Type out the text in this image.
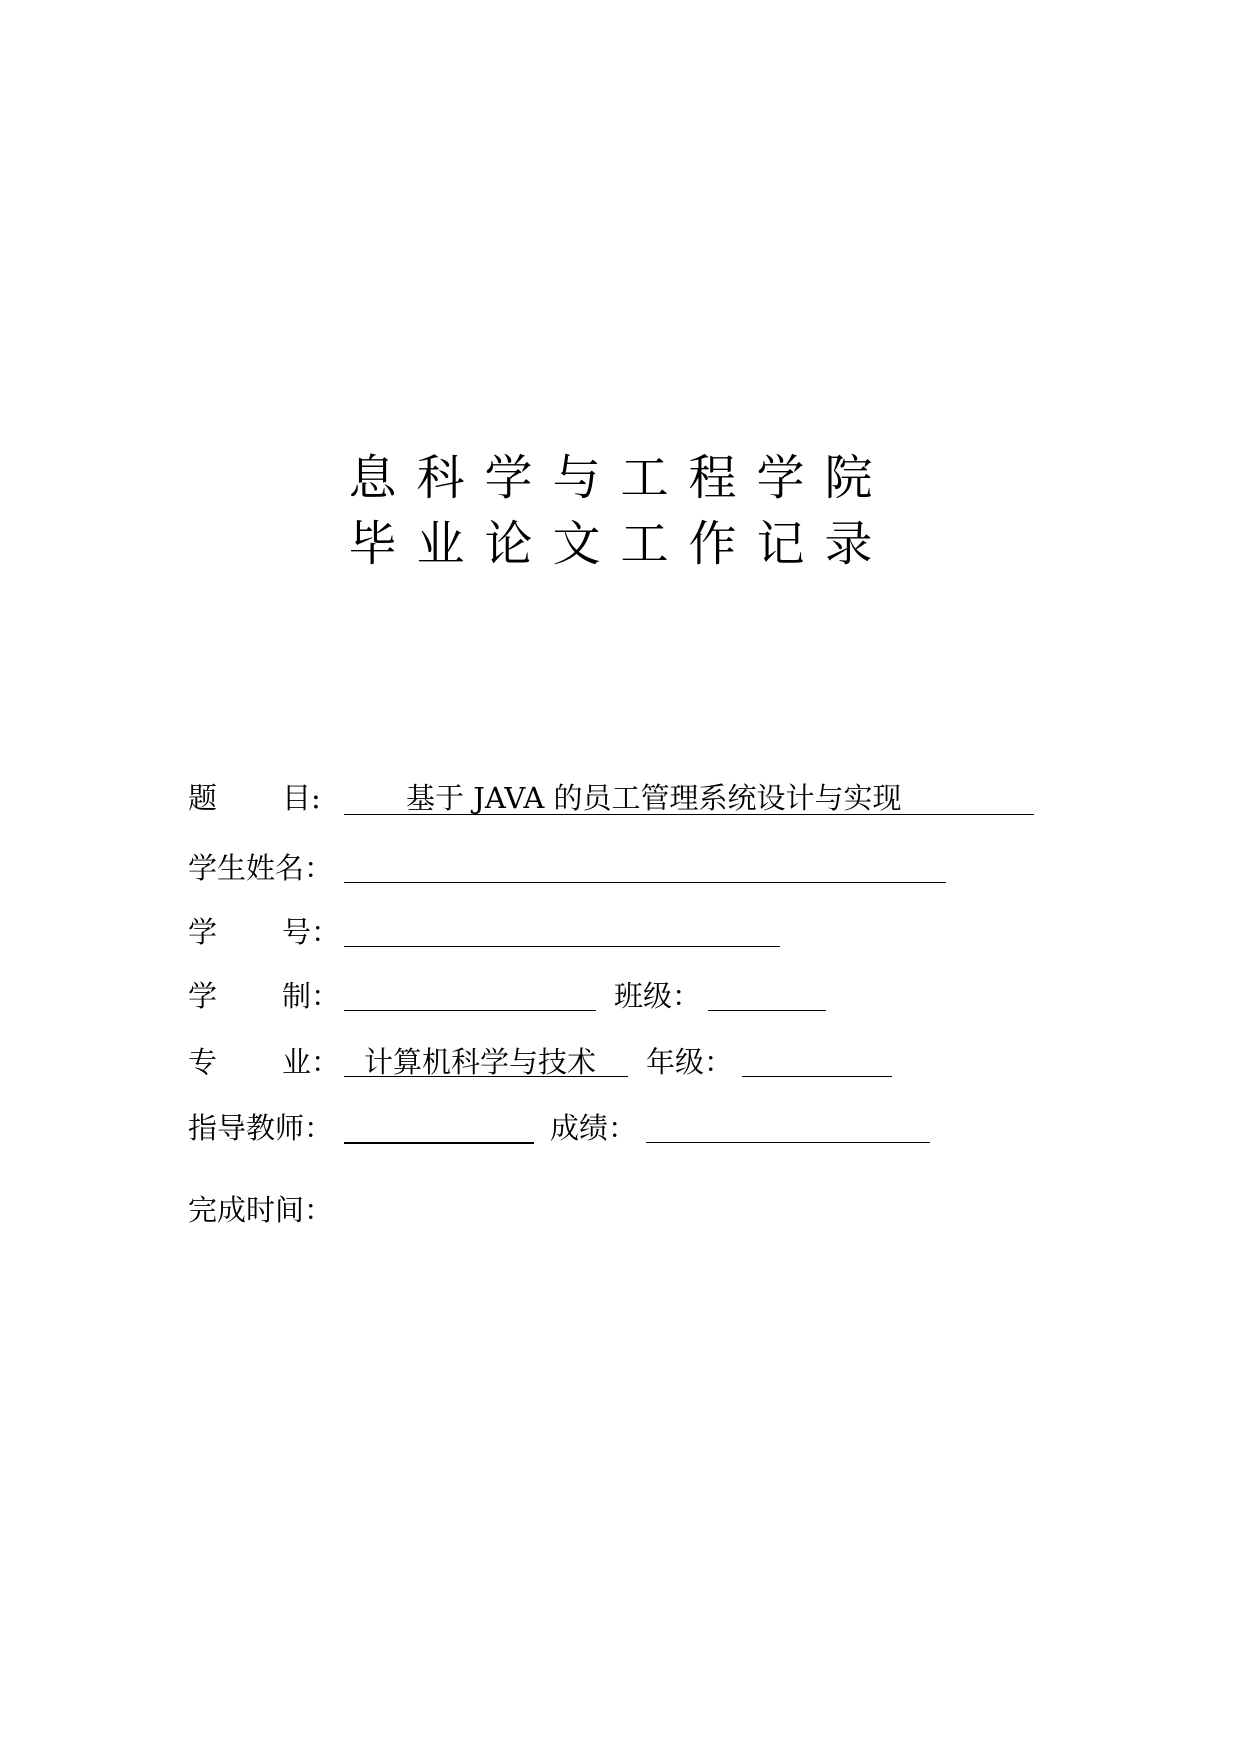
息科学与工程学院
毕业论文工作记录
题 目:	基于 JAVA 的员工管理系统设计与实现
学生姓名：
学 号：
学 制：	班级：
专 业： 计算机科学与技术 年级：
指导教师：	成绩：
完成时间：
